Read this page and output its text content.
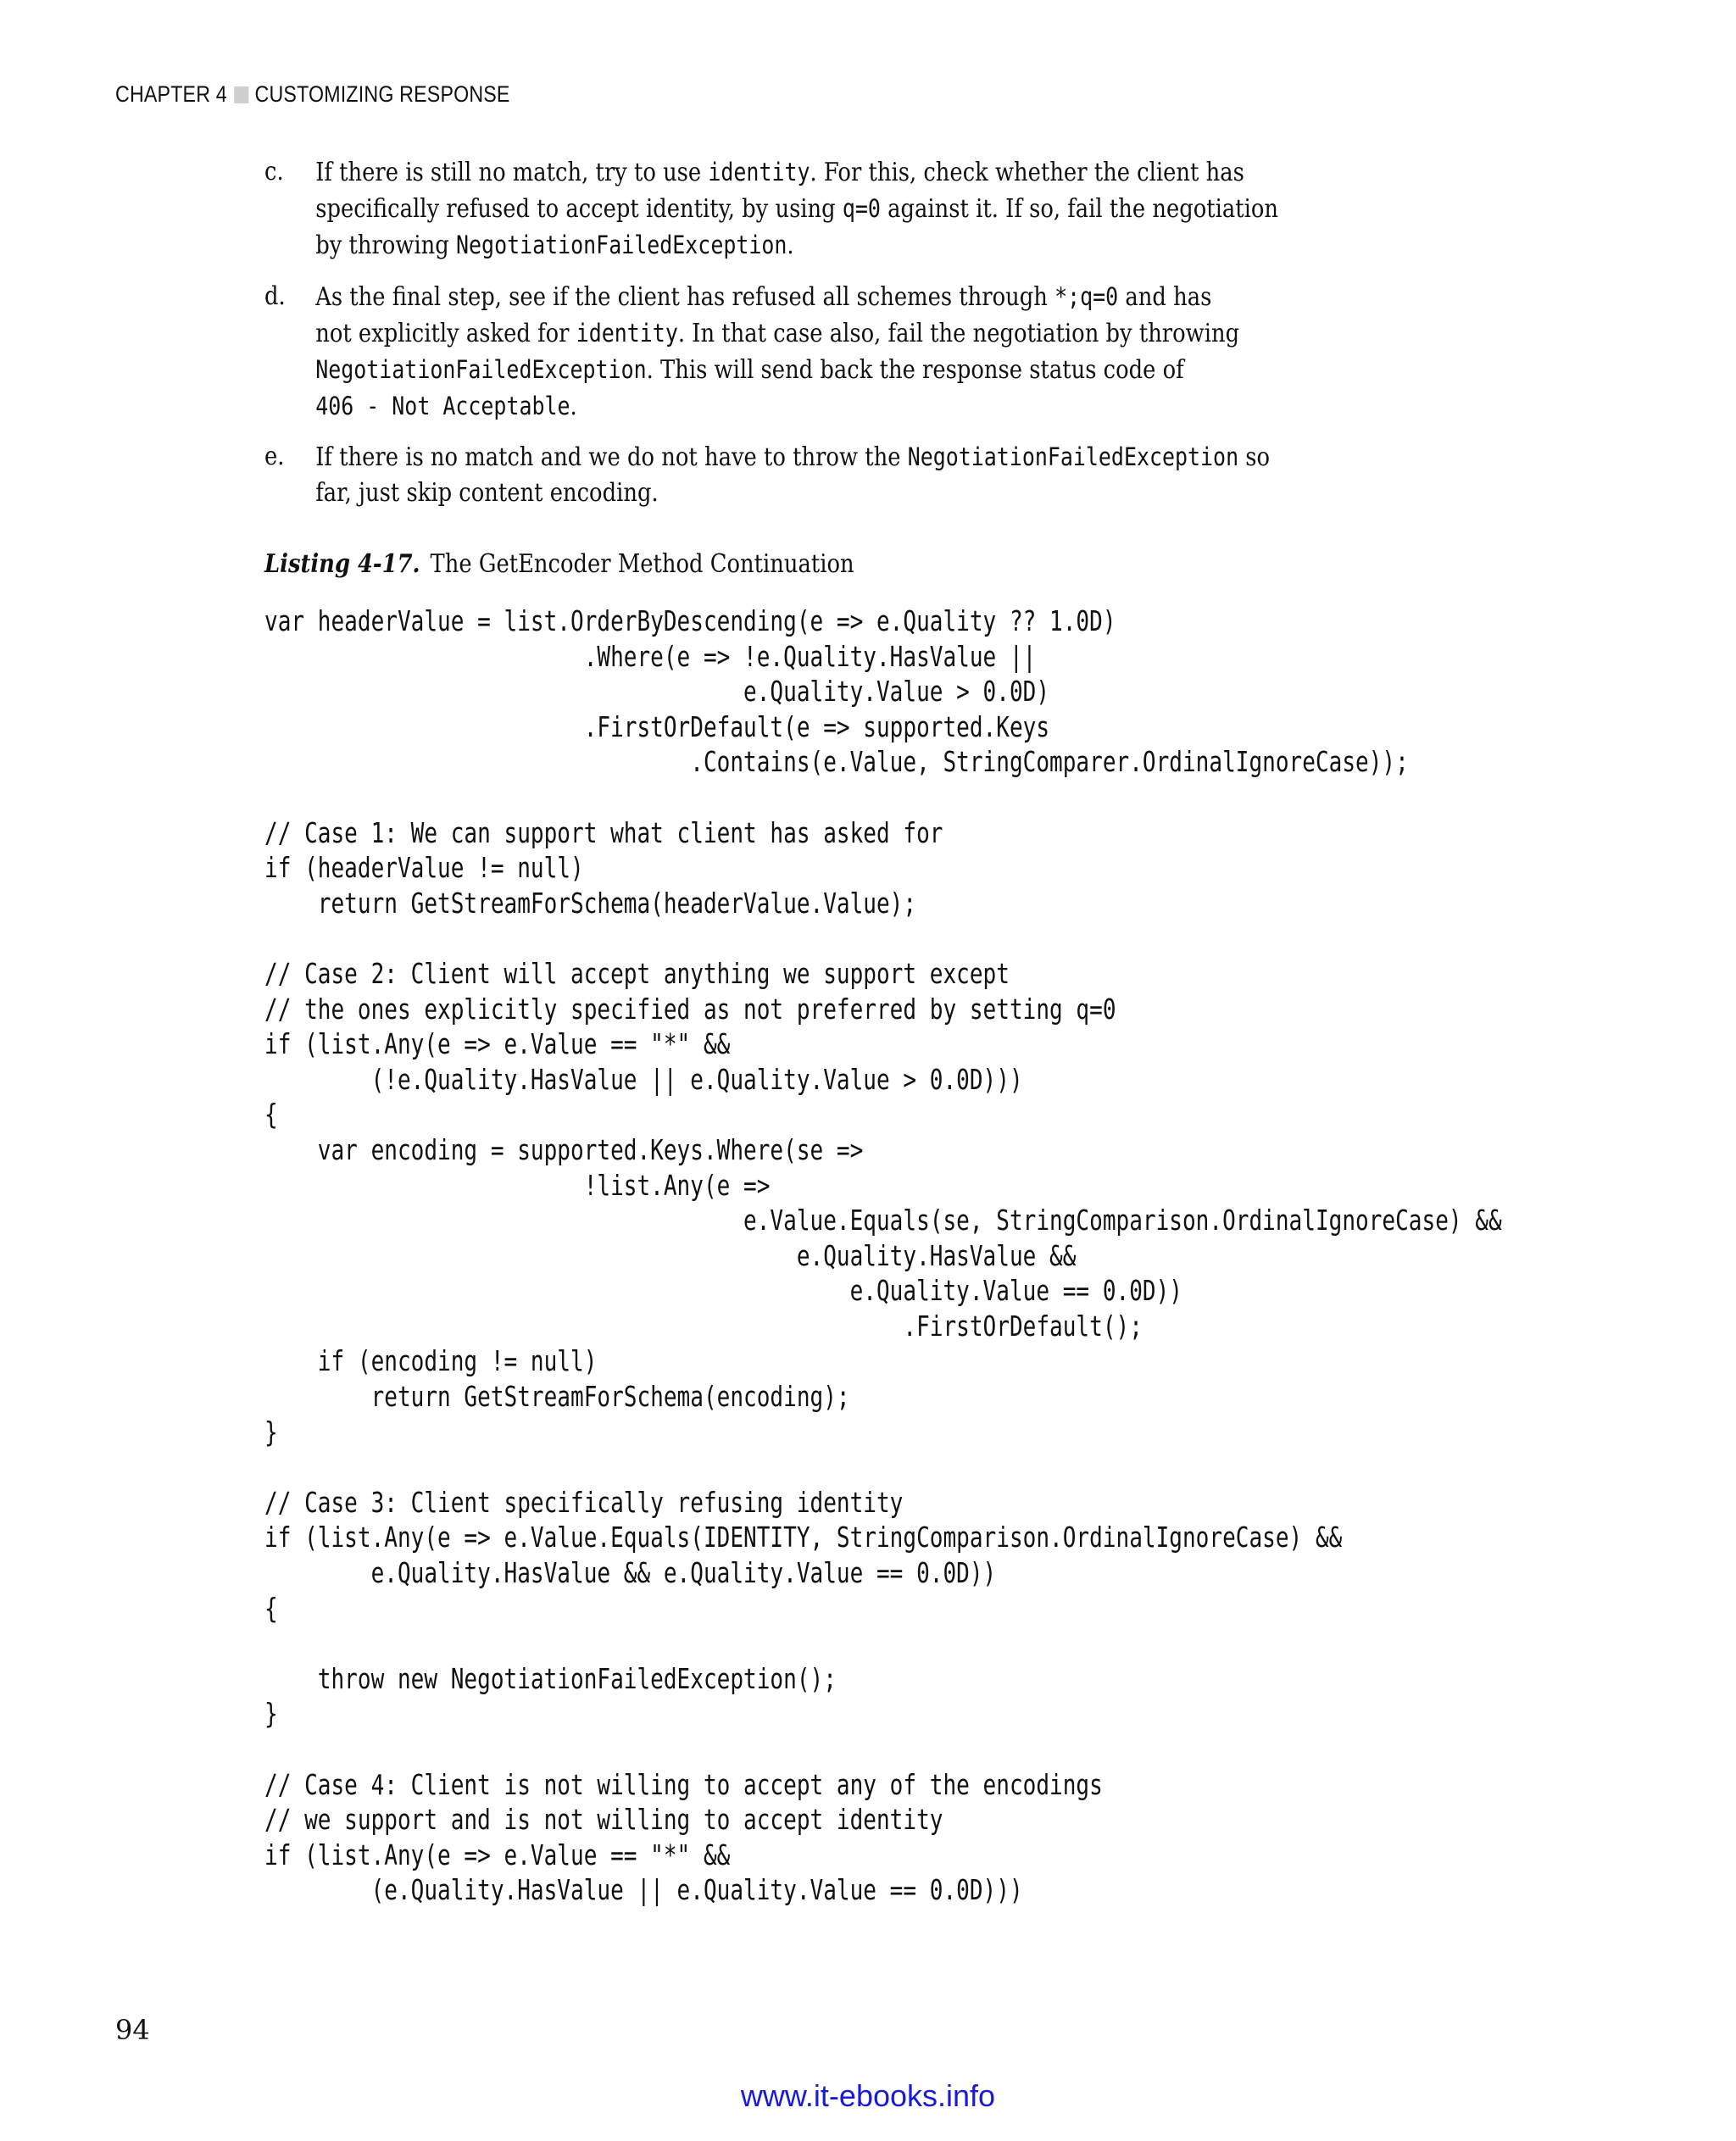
CHAPTER 4 CUSTOMIZING RESPONSE
c. If there is still no match, try to use identity. For this, check whether the client has

specifically refused to accept identity, by using q=0 against it. If so, fail the negotiation

by throwing NegotiationFailedException.

d. As the final step, see if the client has refused all schemes through *;q=0 and has

not explicitly asked for identity. In that case also, fail the negotiation by throwing

NegotiationFailedException. This will send back the response status code of

406 - Not Acceptable.

e. If there is no match and we do not have to throw the NegotiationFailedException so

far, just skip content encoding.

Listing 4-17. The GetEncoder Method Continuation
var headerValue = list.OrderByDescending(e => e.Quality ?? 1.0D)
.Where(e => !e.Quality.HasValue ||
e.Quality.Value > 0.0D)
.FirstOrDefault(e => supported.Keys
.Contains(e.Value, StringComparer.OrdinalIgnoreCase));

// Case 1: We can support what client has asked for
if (headerValue != null)
return GetStreamForSchema(headerValue.Value);

// Case 2: Client will accept anything we support except
// the ones explicitly specified as not preferred by setting q=0
if (list.Any(e => e.Value == "*" &&
(!e.Quality.HasValue || e.Quality.Value > 0.0D)))
{
var encoding = supported.Keys.Where(se =>
!list.Any(e =>
e.Value.Equals(se, StringComparison.OrdinalIgnoreCase) &&
e.Quality.HasValue &&
e.Quality.Value == 0.0D))
.FirstOrDefault();
if (encoding != null)
return GetStreamForSchema(encoding);
}

// Case 3: Client specifically refusing identity
if (list.Any(e => e.Value.Equals(IDENTITY, StringComparison.OrdinalIgnoreCase) &&
e.Quality.HasValue && e.Quality.Value == 0.0D))
{

throw new NegotiationFailedException();
}

// Case 4: Client is not willing to accept any of the encodings
// we support and is not willing to accept identity
if (list.Any(e => e.Value == "*" &&
(e.Quality.HasValue || e.Quality.Value == 0.0D)))
94
www.it-ebooks.info
